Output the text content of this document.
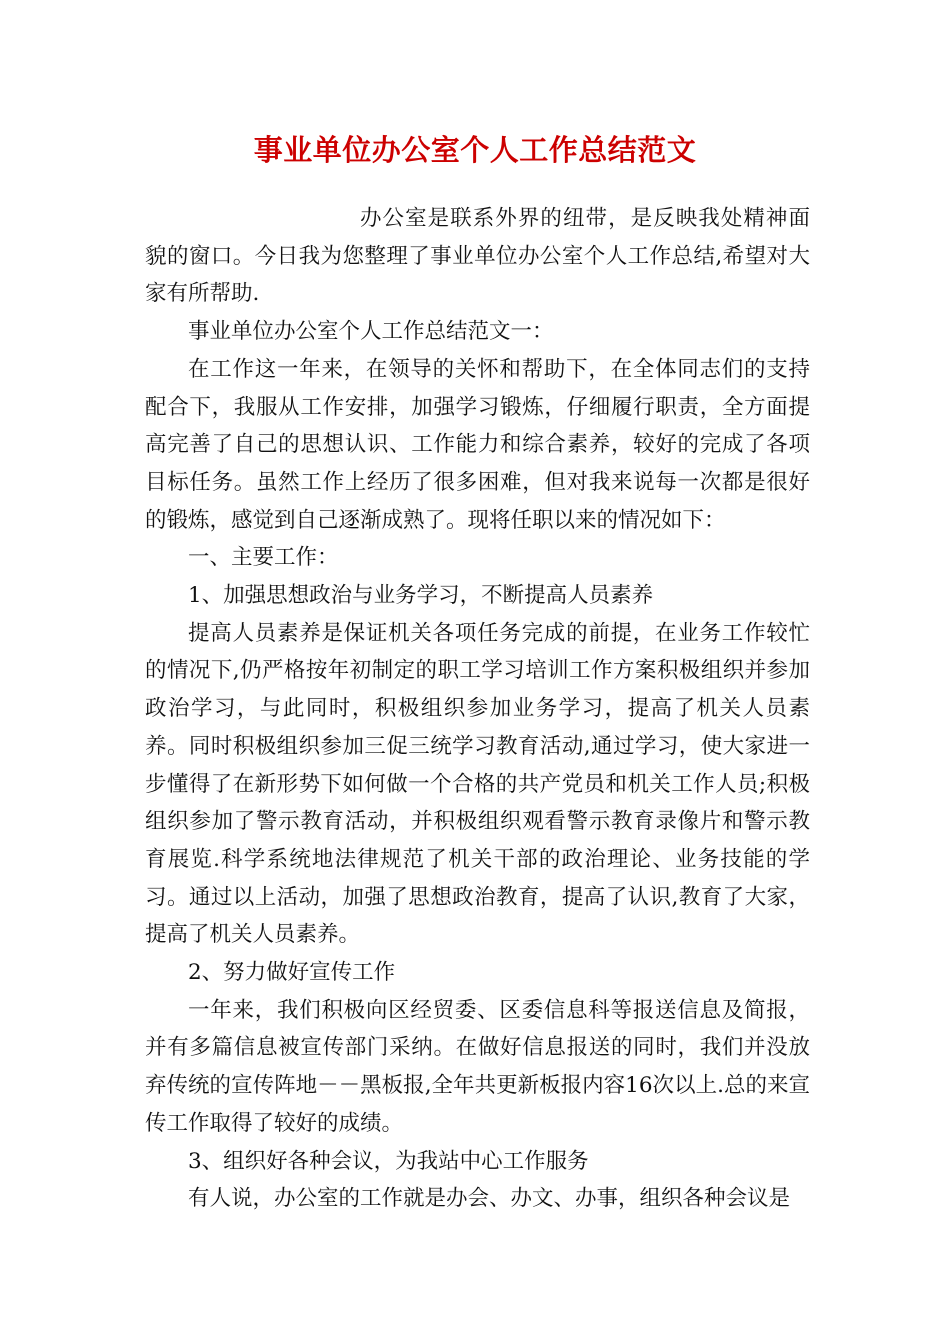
事业单位办公室个人工作总结范文

办公室是联系外界的纽带，是反映我处精神面貌的窗口。今日我为您整理了事业单位办公室个人工作总结,希望对大家有所帮助.

事业单位办公室个人工作总结范文一：

在工作这一年来，在领导的关怀和帮助下，在全体同志们的支持配合下，我服从工作安排，加强学习锻炼，仔细履行职责，全方面提高完善了自己的思想认识、工作能力和综合素养，较好的完成了各项目标任务。虽然工作上经历了很多困难，但对我来说每一次都是很好的锻炼，感觉到自己逐渐成熟了。现将任职以来的情况如下：

一、主要工作：

1、加强思想政治与业务学习，不断提高人员素养

提高人员素养是保证机关各项任务完成的前提，在业务工作较忙的情况下,仍严格按年初制定的职工学习培训工作方案积极组织并参加政治学习，与此同时，积极组织参加业务学习，提高了机关人员素养。同时积极组织参加三促三统学习教育活动,通过学习，使大家进一步懂得了在新形势下如何做一个合格的共产党员和机关工作人员;积极组织参加了警示教育活动，并积极组织观看警示教育录像片和警示教育展览.科学系统地法律规范了机关干部的政治理论、业务技能的学习。通过以上活动，加强了思想政治教育，提高了认识,教育了大家，提高了机关人员素养。

2、努力做好宣传工作

一年来，我们积极向区经贸委、区委信息科等报送信息及简报，并有多篇信息被宣传部门采纳。在做好信息报送的同时，我们并没放弃传统的宣传阵地－－黑板报,全年共更新板报内容16次以上.总的来宣传工作取得了较好的成绩。

3、组织好各种会议，为我站中心工作服务

有人说，办公室的工作就是办会、办文、办事，组织各种会议是
